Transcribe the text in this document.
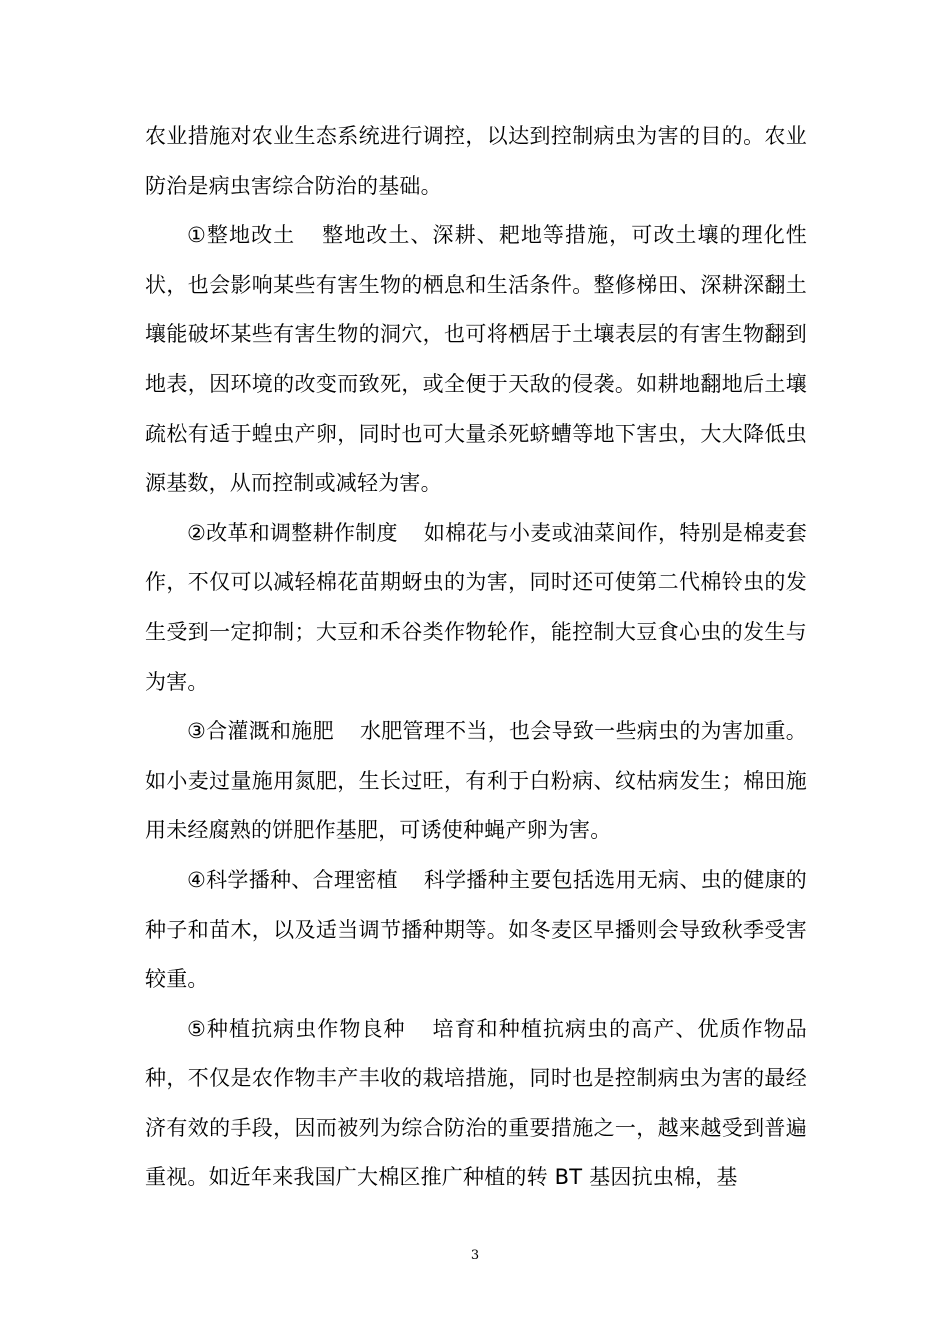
农业措施对农业生态系统进行调控，以达到控制病虫为害的目的。农业防治是病虫害综合防治的基础。

①整地改土 整地改土、深耕、耙地等措施，可改土壤的理化性状，也会影响某些有害生物的栖息和生活条件。整修梯田、深耕深翻土壤能破坏某些有害生物的洞穴，也可将栖居于土壤表层的有害生物翻到地表，因环境的改变而致死，或全便于天敌的侵袭。如耕地翻地后土壤疏松有适于蝗虫产卵，同时也可大量杀死蛴螬等地下害虫，大大降低虫源基数，从而控制或减轻为害。

②改革和调整耕作制度 如棉花与小麦或油菜间作，特别是棉麦套作，不仅可以减轻棉花苗期蚜虫的为害，同时还可使第二代棉铃虫的发生受到一定抑制；大豆和禾谷类作物轮作，能控制大豆食心虫的发生与为害。

③合灌溉和施肥 水肥管理不当，也会导致一些病虫的为害加重。如小麦过量施用氮肥，生长过旺，有利于白粉病、纹枯病发生；棉田施用未经腐熟的饼肥作基肥，可诱使种蝇产卵为害。

④科学播种、合理密植 科学播种主要包括选用无病、虫的健康的种子和苗木，以及适当调节播种期等。如冬麦区早播则会导致秋季受害较重。

⑤种植抗病虫作物良种 培育和种植抗病虫的高产、优质作物品种，不仅是农作物丰产丰收的栽培措施，同时也是控制病虫为害的最经济有效的手段，因而被列为综合防治的重要措施之一，越来越受到普遍重视。如近年来我国广大棉区推广种植的转 BT 基因抗虫棉，基

3
